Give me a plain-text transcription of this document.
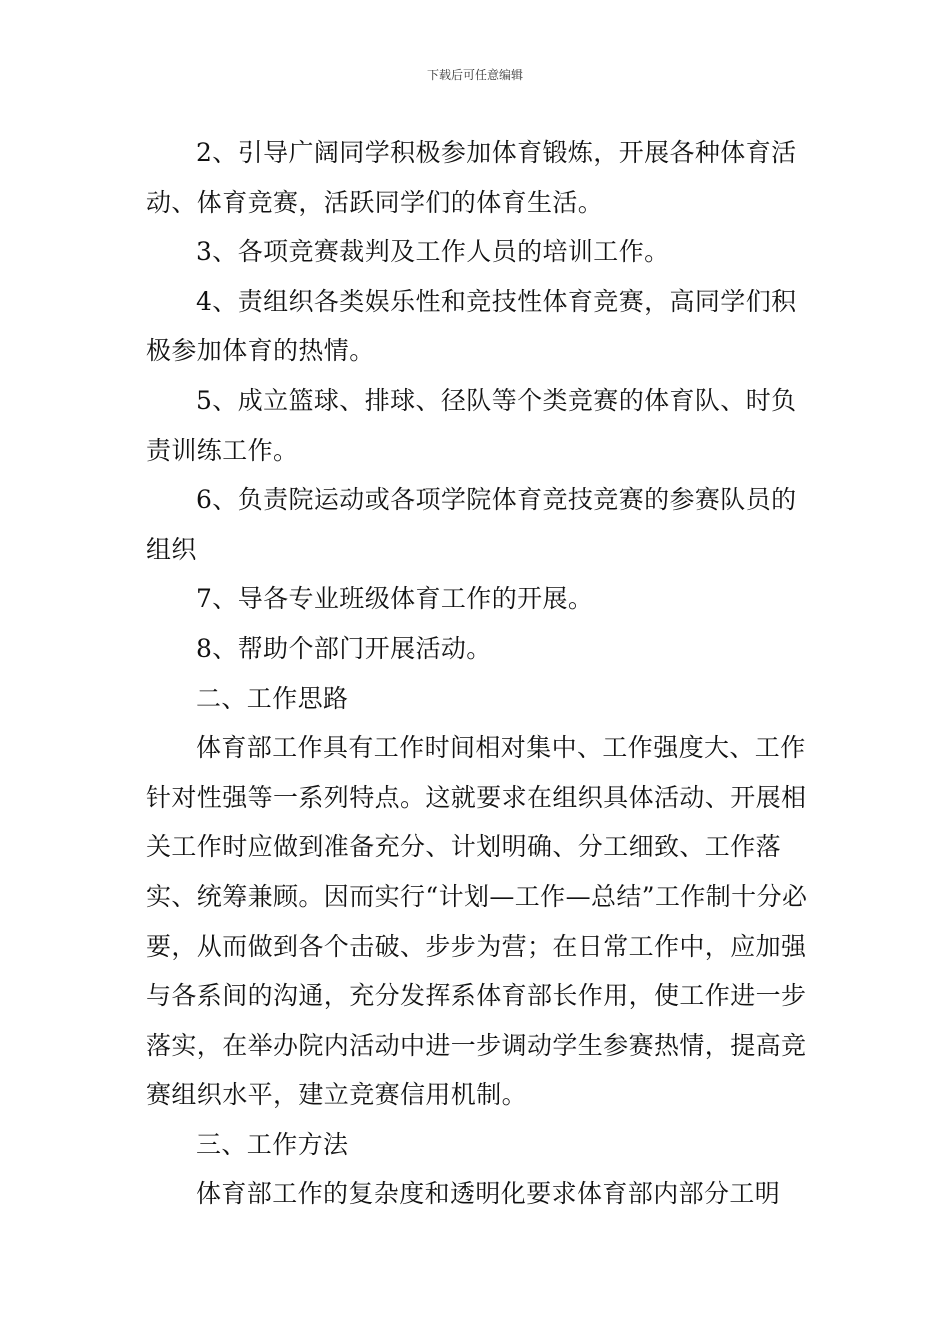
下载后可任意编辑

2、引导广阔同学积极参加体育锻炼，开展各种体育活动、体育竞赛，活跃同学们的体育生活。

3、各项竞赛裁判及工作人员的培训工作。

4、责组织各类娱乐性和竞技性体育竞赛，高同学们积极参加体育的热情。

5、成立篮球、排球、径队等个类竞赛的体育队、时负责训练工作。

6、负责院运动或各项学院体育竞技竞赛的参赛队员的组织

7、导各专业班级体育工作的开展。

8、帮助个部门开展活动。

二、工作思路

体育部工作具有工作时间相对集中、工作强度大、工作针对性强等一系列特点。这就要求在组织具体活动、开展相关工作时应做到准备充分、计划明确、分工细致、工作落实、统筹兼顾。因而实行“计划—工作—总结”工作制十分必要，从而做到各个击破、步步为营；在日常工作中，应加强与各系间的沟通，充分发挥系体育部长作用，使工作进一步落实，在举办院内活动中进一步调动学生参赛热情，提高竞赛组织水平，建立竞赛信用机制。

三、工作方法

体育部工作的复杂度和透明化要求体育部内部分工明
